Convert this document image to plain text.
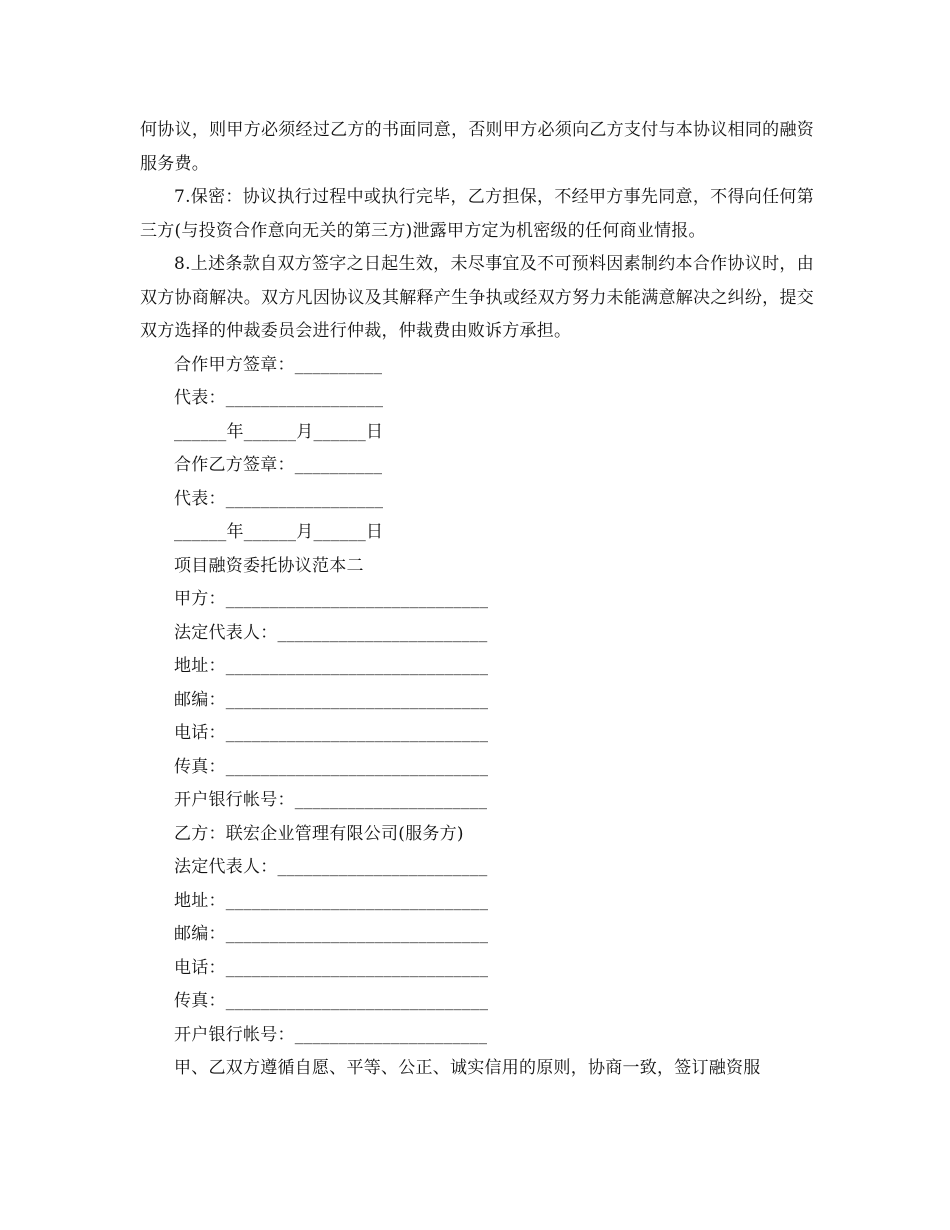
何协议，则甲方必须经过乙方的书面同意，否则甲方必须向乙方支付与本协议相同的融资服务费。

7.保密：协议执行过程中或执行完毕，乙方担保，不经甲方事先同意，不得向任何第三方(与投资合作意向无关的第三方)泄露甲方定为机密级的任何商业情报。

8.上述条款自双方签字之日起生效，未尽事宜及不可预料因素制约本合作协议时，由双方协商解决。双方凡因协议及其解释产生争执或经双方努力未能满意解决之纠纷，提交双方选择的仲裁委员会进行仲裁，仲裁费由败诉方承担。

合作甲方签章：__________

代表：__________________

______年______月______日

合作乙方签章：__________

代表：__________________

______年______月______日

项目融资委托协议范本二

甲方：______________________________

法定代表人：________________________

地址：______________________________

邮编：______________________________

电话：______________________________

传真：______________________________

开户银行帐号：______________________

乙方：联宏企业管理有限公司(服务方)

法定代表人：________________________

地址：______________________________

邮编：______________________________

电话：______________________________

传真：______________________________

开户银行帐号：______________________

甲、乙双方遵循自愿、平等、公正、诚实信用的原则，协商一致，签订融资服
